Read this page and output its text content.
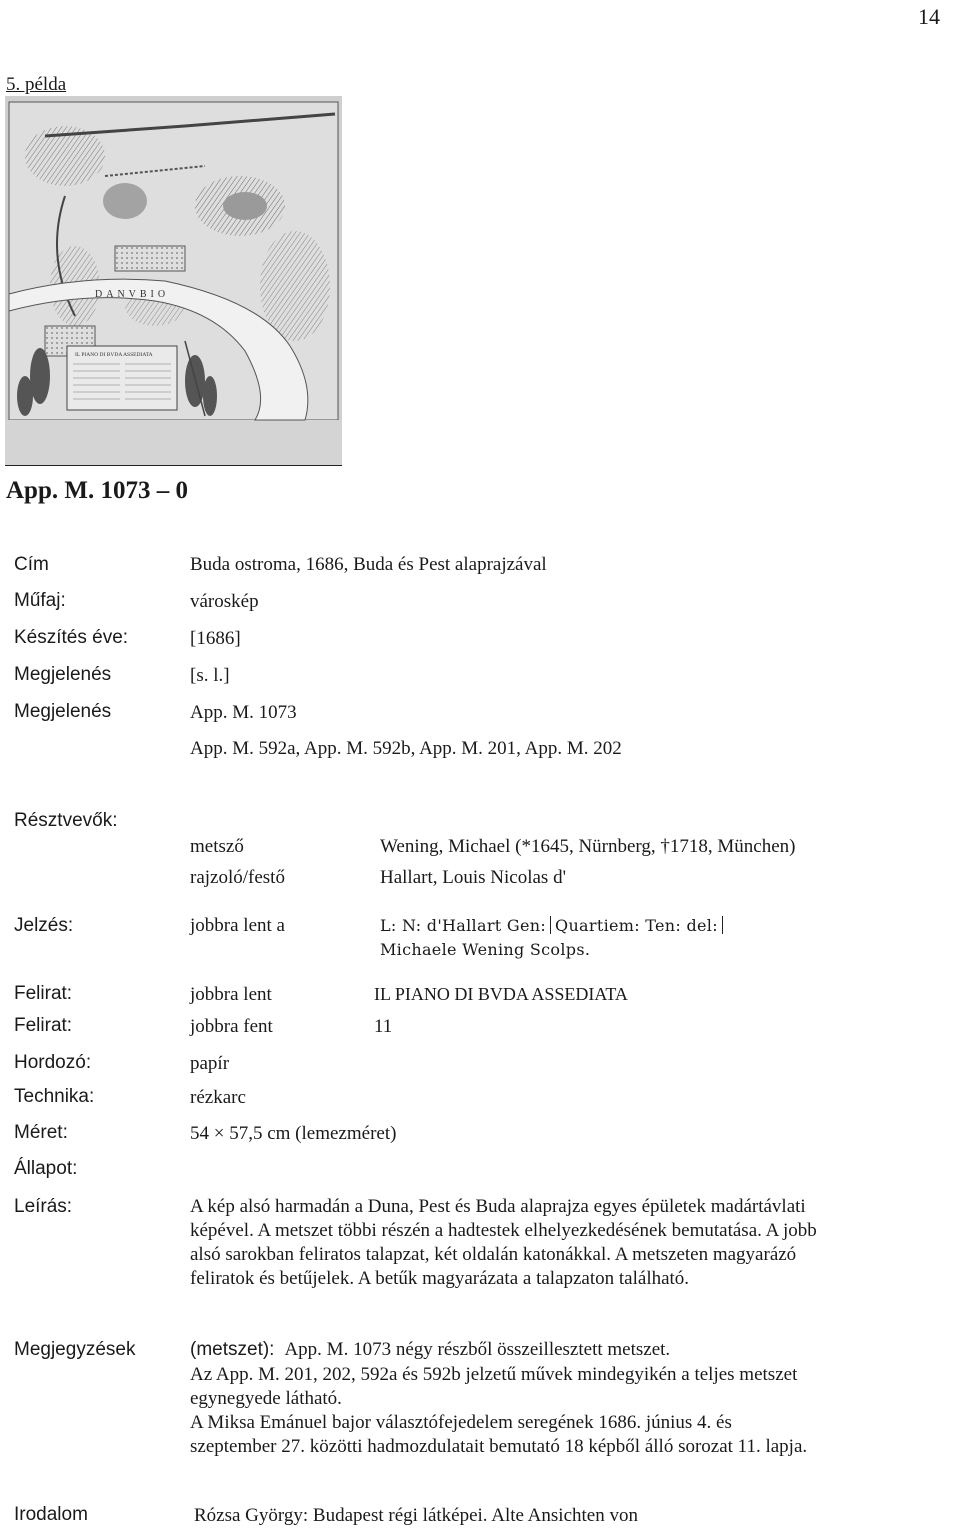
14
5. példa
DANVBIO
IL PIANO DI BVDA ASSEDIATA
App. M. 1073 – 0
Cím	Buda ostroma, 1686, Buda és Pest alaprajzával
Műfaj:	városkép
Készítés éve:	[1686]
Megjelenés	[s. l.]
Megjelenés	App. M. 1073
App. M. 592a, App. M. 592b, App. M. 201, App. M. 202
Résztvevők:
metsző	Wening, Michael (*1645, Nürnberg, †1718, München)
rajzoló/festő	Hallart, Louis Nicolas d'
Jelzés:	jobbra lent a	L: N: d'Hallart Gen: Quartiem: Ten: del:
Michaele Wening Scolps.
Felirat:	jobbra lent	IL PIANO DI BVDA ASSEDIATA
Felirat:	jobbra fent	11
Hordozó:	papír
Technika:	rézkarc
Méret:	54 × 57,5 cm (lemezméret)
Állapot:
Leírás:	A kép alsó harmadán a Duna, Pest és Buda alaprajza egyes épületek madártávlati képével. A metszet többi részén a hadtestek elhelyezkedésének bemutatása. A jobb alsó sarokban feliratos talapzat, két oldalán katonákkal. A metszeten magyarázó feliratok és betűjelek. A betűk magyarázata a talapzaton található.
Megjegyzések	(metszet): App. M. 1073 négy részből összeillesztett metszet.
Az App. M. 201, 202, 592a és 592b jelzetű művek mindegyikén a teljes metszet egynegyede látható.
A Miksa Emánuel bajor választófejedelem seregének 1686. június 4. és szeptember 27. közötti hadmozdulatait bemutató 18 képből álló sorozat 11. lapja.
Irodalom	Rózsa György: Budapest régi látképei. Alte Ansichten von
